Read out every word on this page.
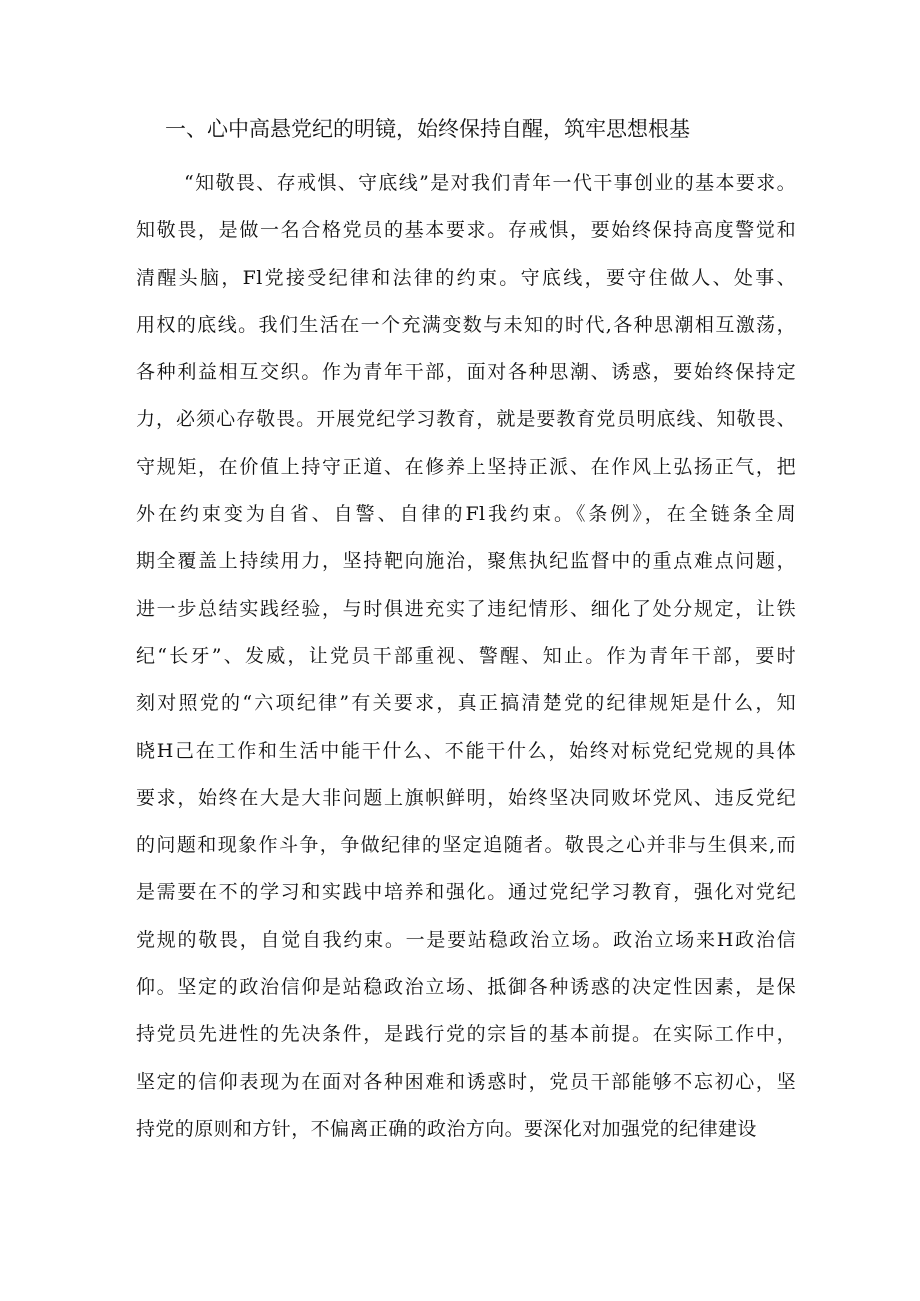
一、心中高悬党纪的明镜，始终保持自醒，筑牢思想根基
“知敬畏、存戒惧、守底线”是对我们青年一代干事创业的基本要求。
知敬畏，是做一名合格党员的基本要求。存戒惧，要始终保持高度警觉和
清醒头脑，Fl党接受纪律和法律的约束。守底线，要守住做人、处事、
用权的底线。我们生活在一个充满变数与未知的时代,各种思潮相互激荡，
各种利益相互交织。作为青年干部，面对各种思潮、诱惑，要始终保持定
力，必须心存敬畏。开展党纪学习教育，就是要教育党员明底线、知敬畏、
守规矩，在价值上持守正道、在修养上坚持正派、在作风上弘扬正气，把
外在约束变为自省、自警、自律的Fl我约束。《条例》，在全链条全周
期全覆盖上持续用力，坚持靶向施治，聚焦执纪监督中的重点难点问题，
进一步总结实践经验，与时俱进充实了违纪情形、细化了处分规定，让铁
纪“长牙”、发威，让党员干部重视、警醒、知止。作为青年干部，要时
刻对照党的“六项纪律”有关要求，真正搞清楚党的纪律规矩是什么，知
晓H己在工作和生活中能干什么、不能干什么，始终对标党纪党规的具体
要求，始终在大是大非问题上旗帜鲜明，始终坚决同败坏党风、违反党纪
的问题和现象作斗争，争做纪律的坚定追随者。敬畏之心并非与生俱来,而
是需要在不的学习和实践中培养和强化。通过党纪学习教育，强化对党纪
党规的敬畏，自觉自我约束。一是要站稳政治立场。政治立场来H政治信
仰。坚定的政治信仰是站稳政治立场、抵御各种诱惑的决定性因素，是保
持党员先进性的先决条件，是践行党的宗旨的基本前提。在实际工作中，
坚定的信仰表现为在面对各种困难和诱惑时，党员干部能够不忘初心，坚
持党的原则和方针，不偏离正确的政治方向。要深化对加强党的纪律建设
